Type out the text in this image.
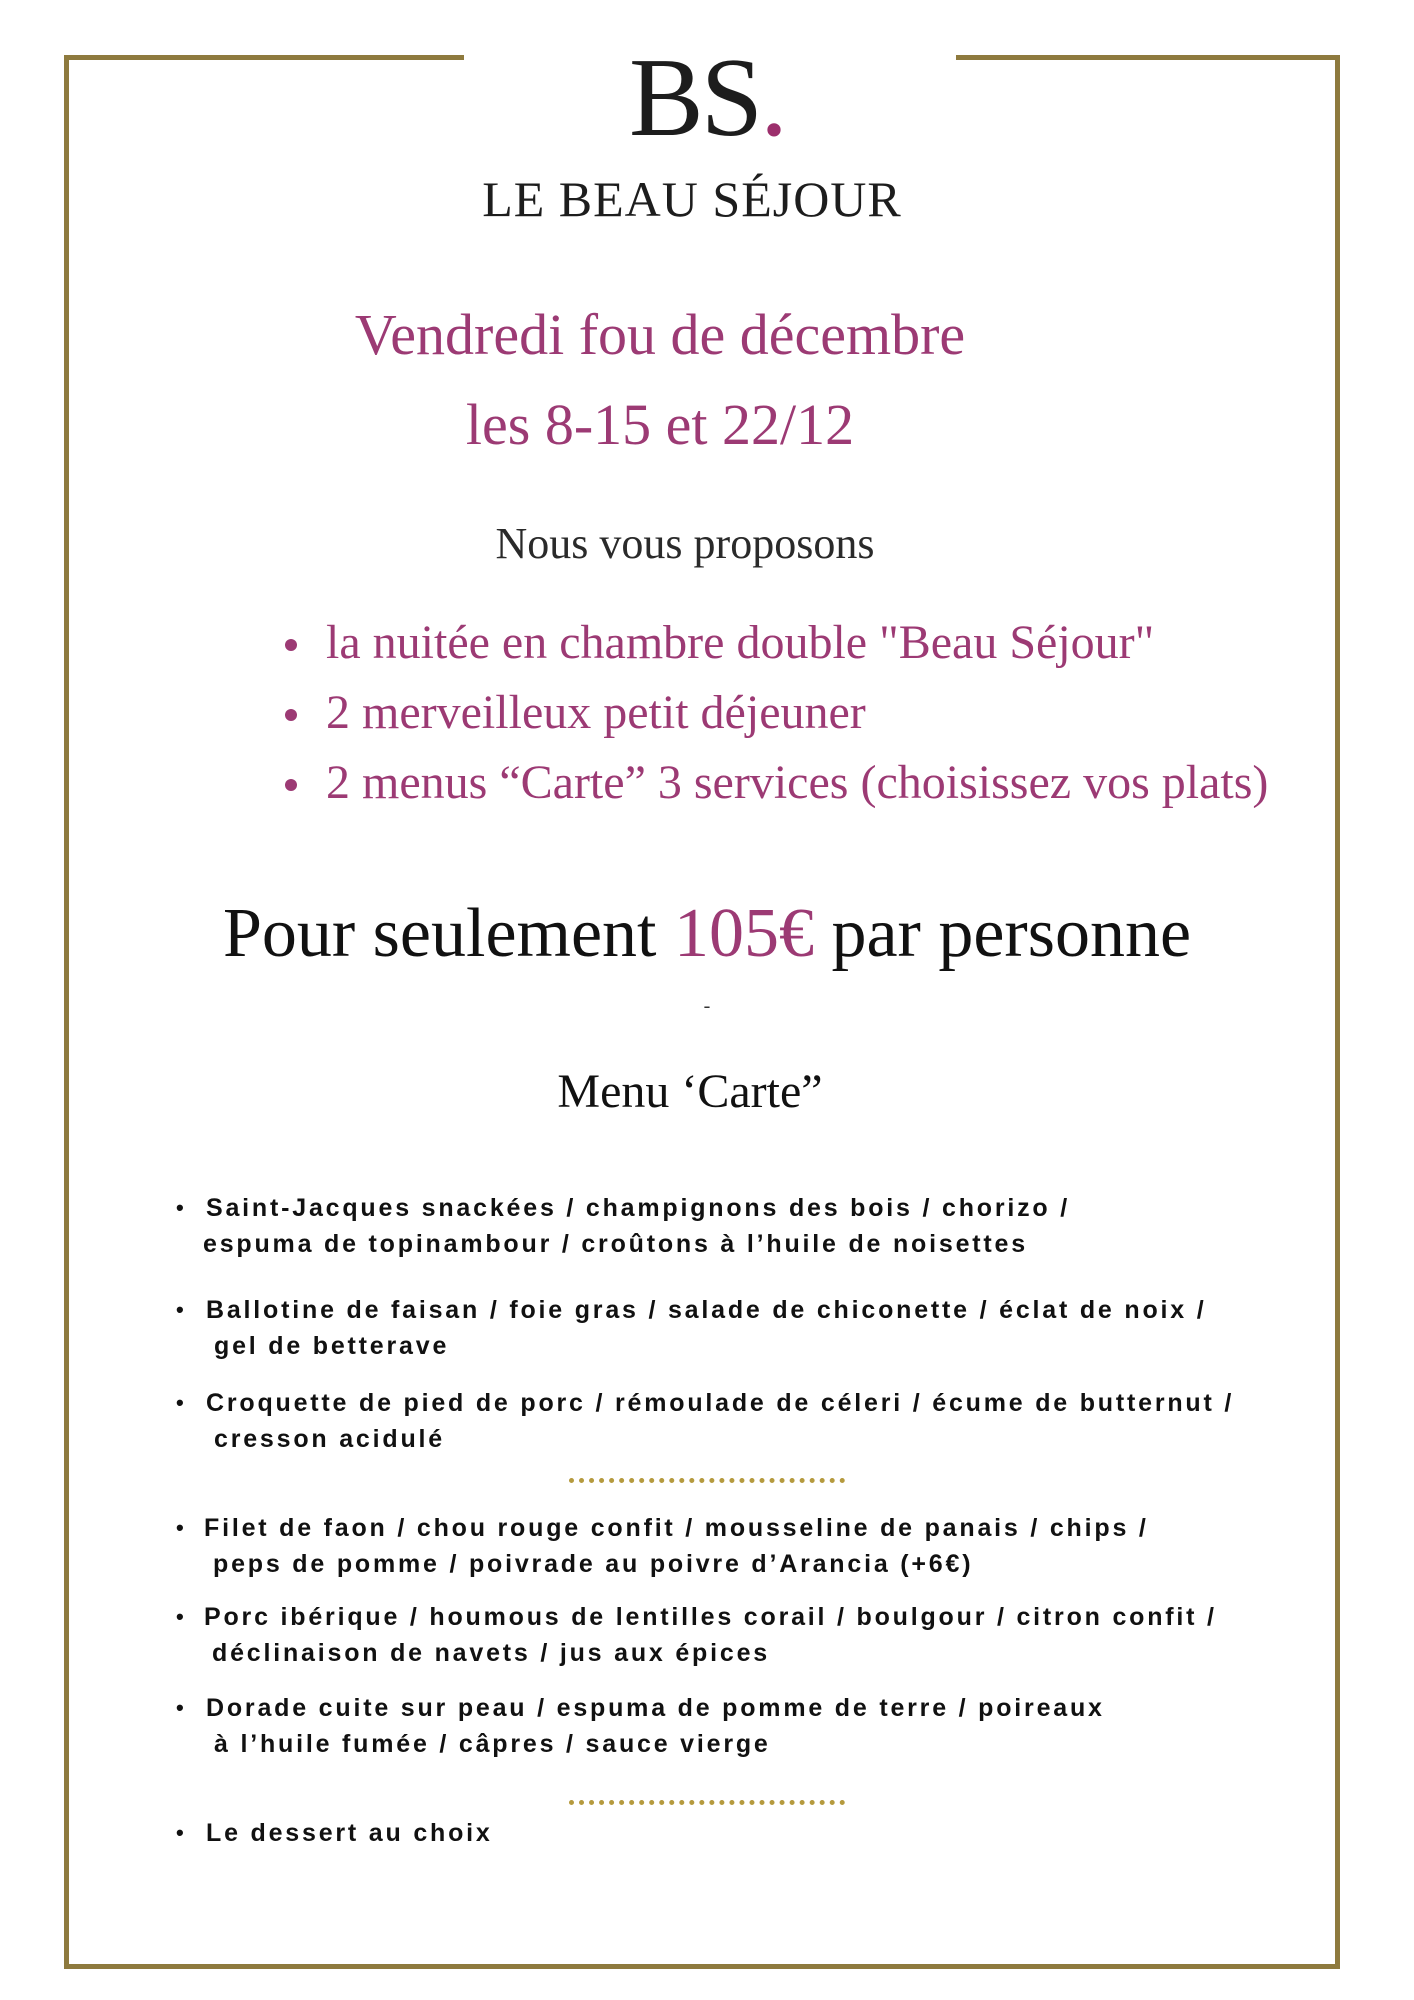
BS.
LE BEAU SÉJOUR
Vendredi fou de décembre
les 8-15 et 22/12
Nous vous proposons
la nuitée en chambre double "Beau Séjour"
2 merveilleux petit déjeuner
2 menus “Carte” 3 services (choisissez vos plats)
Pour seulement 105€ par personne
-
Menu ‘Carte”
• Saint-Jacques snackées / champignons des bois / chorizo /
espuma de topinambour / croûtons à l’huile de noisettes
• Ballotine de faisan / foie gras / salade de chiconette / éclat de noix /
gel de betterave
• Croquette de pied de porc / rémoulade de céleri / écume de butternut /
cresson acidulé
• Filet de faon / chou rouge confit / mousseline de panais / chips /
peps de pomme / poivrade au poivre d’Arancia (+6€)
• Porc ibérique / houmous de lentilles corail / boulgour / citron confit /
déclinaison de navets / jus aux épices
• Dorade cuite sur peau / espuma de pomme de terre / poireaux
à l’huile fumée / câpres / sauce vierge
• Le dessert au choix
